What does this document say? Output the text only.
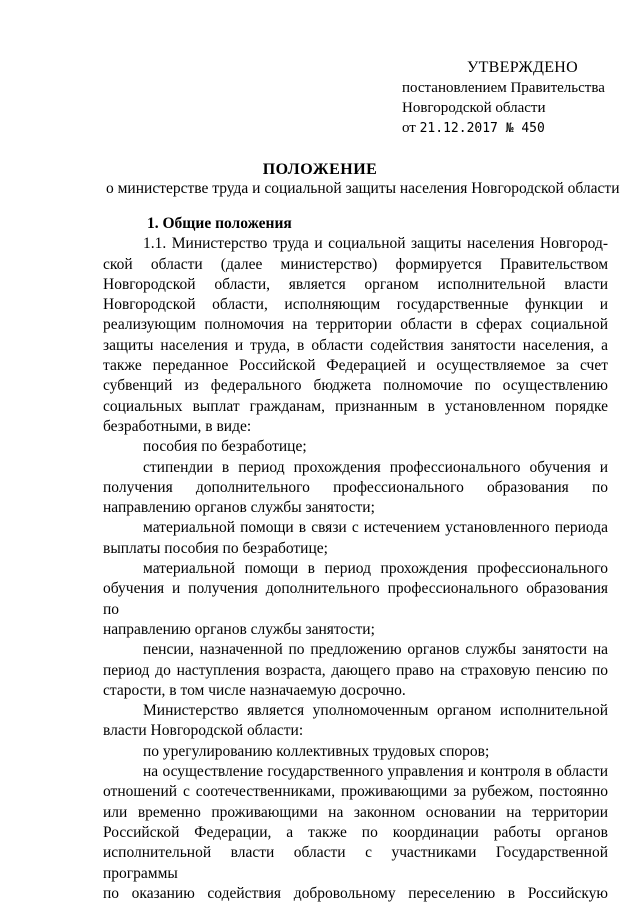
УТВЕРЖДЕНО
постановлением Правительства
Новгородской области
от 21.12.2017 № 450
ПОЛОЖЕНИЕ
о министерстве труда и социальной защиты населения Новгородской области

1. Общие положения

1.1. Министерство труда и социальной защиты населения Новгород-

ской области (далее министерство) формируется Правительством

Новгородской области, является органом исполнительной власти

Новгородской области, исполняющим государственные функции и

реализующим полномочия на территории области в сферах социальной

защиты населения и труда, в области содействия занятости населения, а

также переданное Российской Федерацией и осуществляемое за счет

субвенций из федерального бюджета полномочие по осуществлению

социальных выплат гражданам, признанным в установленном порядке

безработными, в виде:

пособия по безработице;

стипендии в период прохождения профессионального обучения и

получения дополнительного профессионального образования по

направлению органов службы занятости;

материальной помощи в связи с истечением установленного периода

выплаты пособия по безработице;

материальной помощи в период прохождения профессионального

обучения и получения дополнительного профессионального образования по

направлению органов службы занятости;

пенсии, назначенной по предложению органов службы занятости на

период до наступления возраста, дающего право на страховую пенсию по

старости, в том числе назначаемую досрочно.

Министерство является уполномоченным органом исполнительной

власти Новгородской области:

по урегулированию коллективных трудовых споров;

на осуществление государственного управления и контроля в области

отношений с соотечественниками, проживающими за рубежом, постоянно

или временно проживающими на законном основании на территории

Российской Федерации, а также по координации работы органов

исполнительной власти области с участниками Государственной программы

по оказанию содействия добровольному переселению в Российскую
